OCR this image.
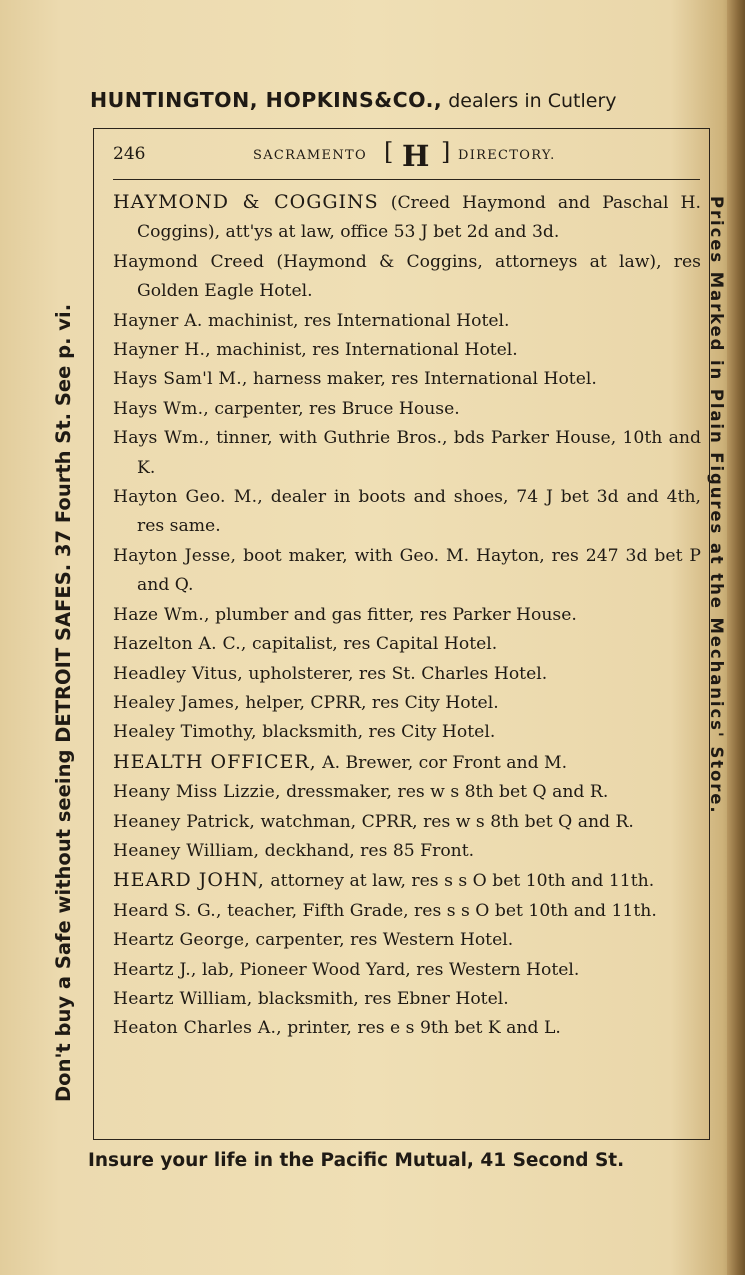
HUNTINGTON, HOPKINS&CO., dealers in Cutlery
Don't buy a Safe without seeing DETROIT SAFES. 37 Fourth St. See p. vi.	Prices Marked in Plain Figures at the Mechanics' Store.
246	SACRAMENTO [ H ] DIRECTORY.
HAYMOND & COGGINS (Creed Haymond and Paschal H. Coggins), att'ys at law, office 53 J bet 2d and 3d.
Haymond Creed (Haymond & Coggins, attorneys at law), res Golden Eagle Hotel.
Hayner A. machinist, res International Hotel.
Hayner H., machinist, res International Hotel.
Hays Sam'l M., harness maker, res International Hotel.
Hays Wm., carpenter, res Bruce House.
Hays Wm., tinner, with Guthrie Bros., bds Parker House, 10th and K.
Hayton Geo. M., dealer in boots and shoes, 74 J bet 3d and 4th, res same.
Hayton Jesse, boot maker, with Geo. M. Hayton, res 247 3d bet P and Q.
Haze Wm., plumber and gas fitter, res Parker House.
Hazelton A. C., capitalist, res Capital Hotel.
Headley Vitus, upholsterer, res St. Charles Hotel.
Healey James, helper, CPRR, res City Hotel.
Healey Timothy, blacksmith, res City Hotel.
HEALTH OFFICER, A. Brewer, cor Front and M.
Heany Miss Lizzie, dressmaker, res w s 8th bet Q and R.
Heaney Patrick, watchman, CPRR, res w s 8th bet Q and R.
Heaney William, deckhand, res 85 Front.
HEARD JOHN, attorney at law, res s s O bet 10th and 11th.
Heard S. G., teacher, Fifth Grade, res s s O bet 10th and 11th.
Heartz George, carpenter, res Western Hotel.
Heartz J., lab, Pioneer Wood Yard, res Western Hotel.
Heartz William, blacksmith, res Ebner Hotel.
Heaton Charles A., printer, res e s 9th bet K and L.
Insure your life in the Pacific Mutual, 41 Second St.
